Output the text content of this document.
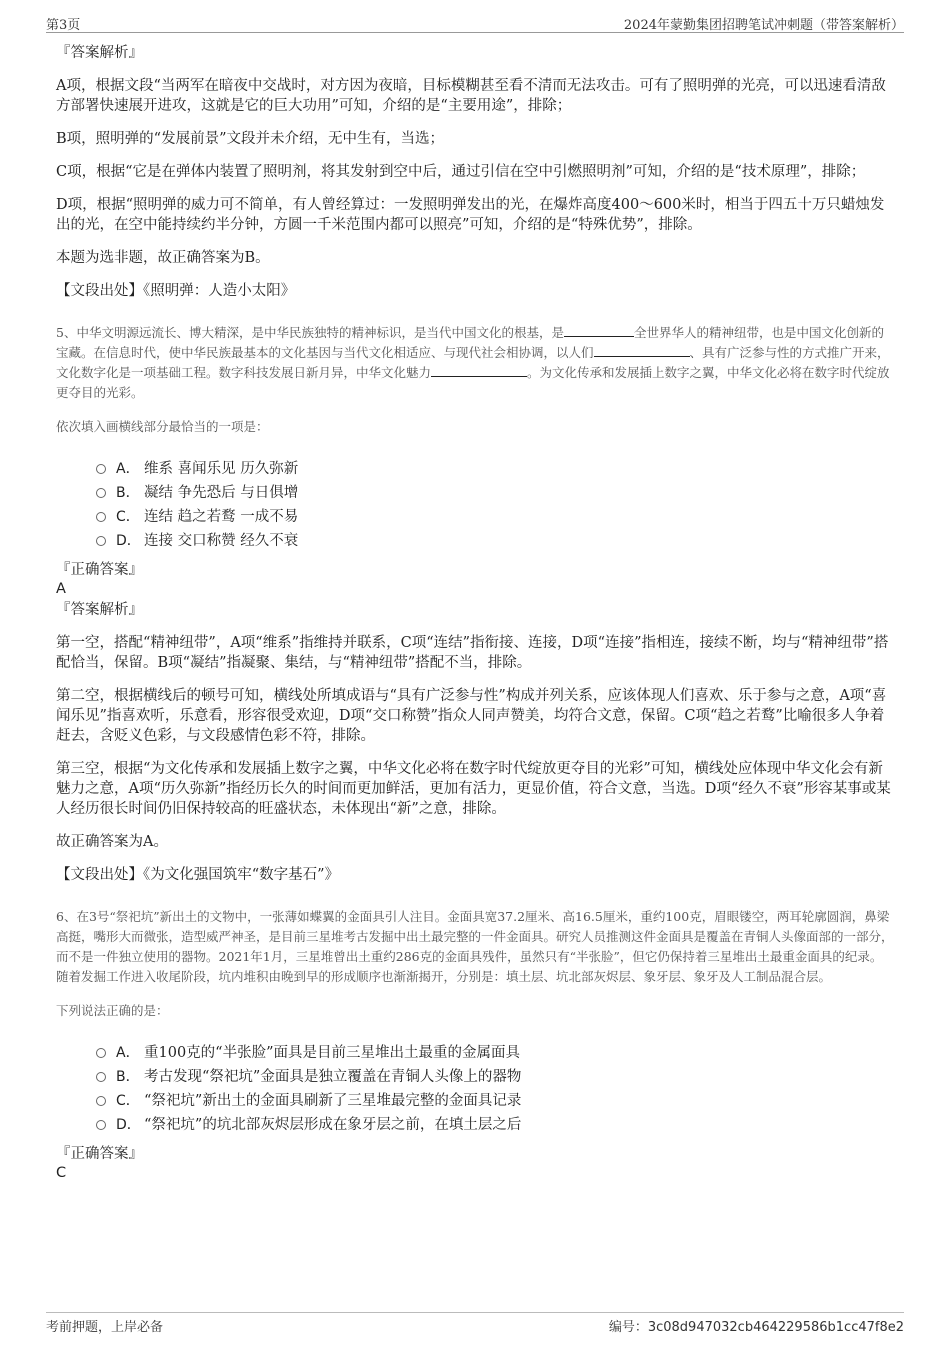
第3页	2024年蒙勤集团招聘笔试冲刺题（带答案解析）
『答案解析』
A项，根据文段“当两军在暗夜中交战时，对方因为夜暗，目标模糊甚至看不清而无法攻击。可有了照明弹的光亮，可以迅速看清敌方部署快速展开进攻，这就是它的巨大功用”可知，介绍的是“主要用途”，排除；
B项，照明弹的“发展前景”文段并未介绍，无中生有，当选；
C项，根据“它是在弹体内装置了照明剂，将其发射到空中后，通过引信在空中引燃照明剂”可知，介绍的是“技术原理”，排除；
D项，根据“照明弹的威力可不简单，有人曾经算过：一发照明弹发出的光，在爆炸高度400～600米时，相当于四五十万只蜡烛发出的光，在空中能持续约半分钟，方圆一千米范围内都可以照亮”可知，介绍的是“特殊优势”，排除。
本题为选非题，故正确答案为B。
【文段出处】《照明弹：人造小太阳》
5、中华文明源远流长、博大精深，是中华民族独特的精神标识，是当代中国文化的根基，是	全世界华人的精神纽带，也是中国文化创新的宝藏。在信息时代，使中华民族最基本的文化基因与当代文化相适应、与现代社会相协调，以人们	、具有广泛参与性的方式推广开来，文化数字化是一项基础工程。数字科技发展日新月异，中华文化魅力	。为文化传承和发展插上数字之翼，中华文化必将在数字时代绽放更夺目的光彩。
依次填入画横线部分最恰当的一项是：
A． 维系 喜闻乐见 历久弥新
B． 凝结 争先恐后 与日俱增
C． 连结 趋之若鹜 一成不易
D． 连接 交口称赞 经久不衰
『正确答案』
A
『答案解析』
第一空，搭配“精神纽带”，A项“维系”指维持并联系，C项“连结”指衔接、连接，D项“连接”指相连，接续不断，均与“精神纽带”搭配恰当，保留。B项“凝结”指凝聚、集结，与“精神纽带”搭配不当，排除。
第二空，根据横线后的顿号可知，横线处所填成语与“具有广泛参与性”构成并列关系，应该体现人们喜欢、乐于参与之意，A项“喜闻乐见”指喜欢听，乐意看，形容很受欢迎，D项“交口称赞”指众人同声赞美，均符合文意，保留。C项“趋之若鹜”比喻很多人争着赶去，含贬义色彩，与文段感情色彩不符，排除。
第三空，根据“为文化传承和发展插上数字之翼，中华文化必将在数字时代绽放更夺目的光彩”可知，横线处应体现中华文化会有新魅力之意，A项“历久弥新”指经历长久的时间而更加鲜活，更加有活力，更显价值，符合文意，当选。D项“经久不衰”形容某事或某人经历很长时间仍旧保持较高的旺盛状态，未体现出“新”之意，排除。
故正确答案为A。
【文段出处】《为文化强国筑牢“数字基石”》
6、在3号“祭祀坑”新出土的文物中，一张薄如蝶翼的金面具引人注目。金面具宽37.2厘米、高16.5厘米，重约100克，眉眼镂空，两耳轮廓圆润，鼻梁高挺，嘴形大而微张，造型威严神圣，是目前三星堆考古发掘中出土最完整的一件金面具。研究人员推测这件金面具是覆盖在青铜人头像面部的一部分，而不是一件独立使用的器物。2021年1月，三星堆曾出土重约286克的金面具残件，虽然只有“半张脸”，但它仍保持着三星堆出土最重金面具的纪录。随着发掘工作进入收尾阶段，坑内堆积由晚到早的形成顺序也渐渐揭开，分别是：填土层、坑北部灰烬层、象牙层、象牙及人工制品混合层。
下列说法正确的是：
A． 重100克的“半张脸”面具是目前三星堆出土最重的金属面具
B． 考古发现“祭祀坑”金面具是独立覆盖在青铜人头像上的器物
C． “祭祀坑”新出土的金面具刷新了三星堆最完整的金面具记录
D． “祭祀坑”的坑北部灰烬层形成在象牙层之前，在填土层之后
『正确答案』
C
考前押题，上岸必备	编号：3c08d947032cb464229586b1cc47f8e2
